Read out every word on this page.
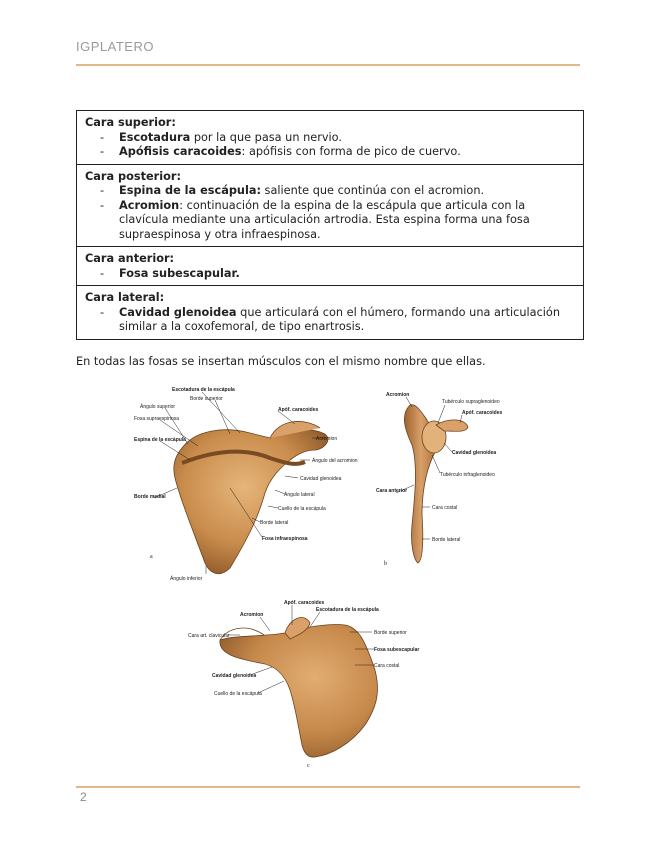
IGPLATERO
Cara superior:
-	Escotadura por la que pasa un nervio.
-	Apófisis caracoides: apófisis con forma de pico de cuervo.

Cara posterior:
-	Espina de la escápula: saliente que continúa con el acromion.
-	Acromion: continuación de la espina de la escápula que articula con la clavícula mediante una articulación artrodia. Esta espina forma una fosa supraespinosa y otra infraespinosa.

Cara anterior:
-	Fosa subescapular.

Cara lateral:
-	Cavidad glenoidea que articulará con el húmero, formando una articulación similar a la coxofemoral, de tipo enartrosis.
En todas las fosas se insertan músculos con el mismo nombre que ellas.
Escotadura de la escápula
Borde superior
Ángulo superior
Fosa supraespinosa
Espina de la escápula
Borde medial
Apóf. caracoides
Acromion
Ángulo del acromion
Cavidad glenoidea
Ángulo lateral
Cuello de la escápula
Borde lateral
Fosa infraespinosa
Ángulo inferior
a
Acromion
Tubérculo supraglenoideo
Apóf. caracoides
Cavidad glenoidea
Tubérculo infraglenoideo
Cara anterior
Cara costal
Borde lateral
b
Apóf. caracoides
Escotadura de la escápula
Acromion
Cara art. clavicular	Borde superior
Fosa subescapular
Cara costal
Cavidad glenoidea
Cuello de la escápula
c
2
